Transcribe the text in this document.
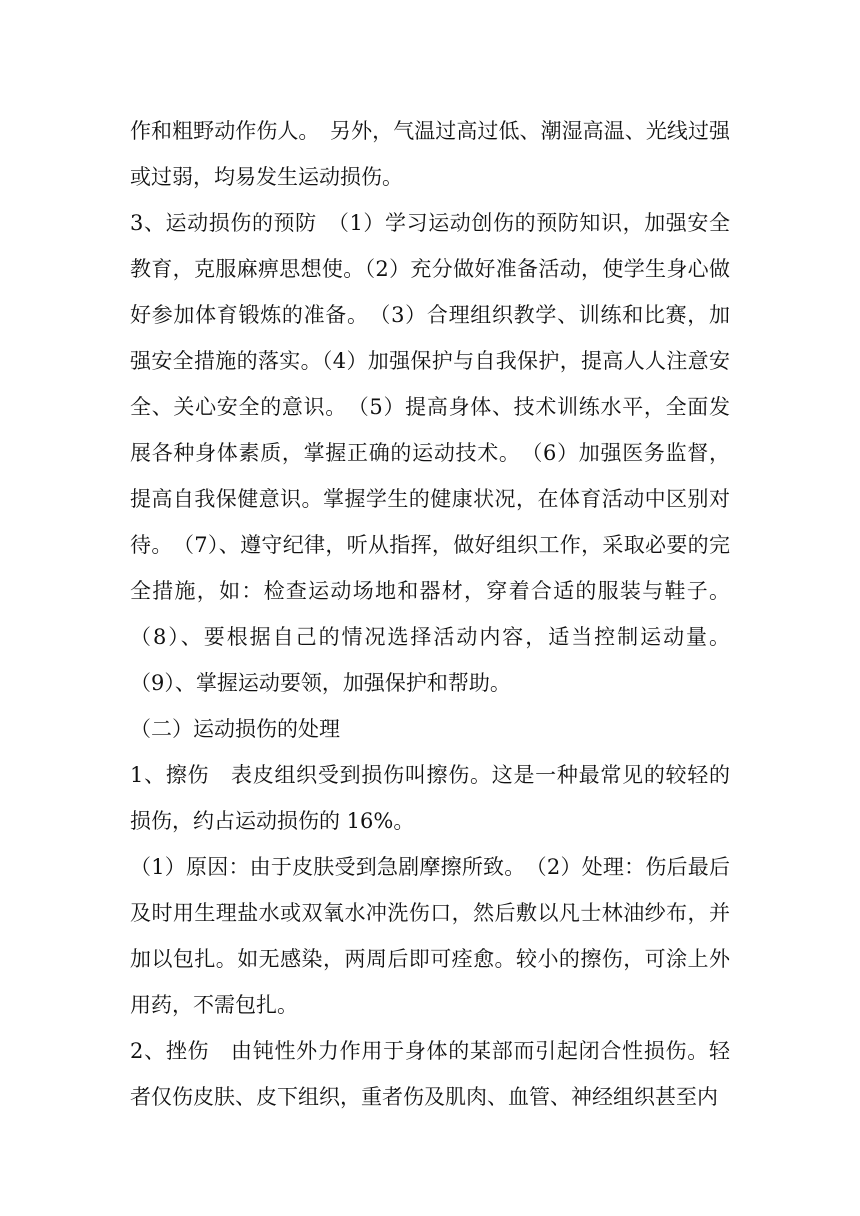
作和粗野动作伤人。　另外，气温过高过低、潮湿高温、光线过强或过弱，均易发生运动损伤。

3、运动损伤的预防　（1）学习运动创伤的预防知识，加强安全教育，克服麻痹思想使。（2）充分做好准备活动，使学生身心做好参加体育锻炼的准备。　（3）合理组织教学、训练和比赛，加强安全措施的落实。（4）加强保护与自我保护，提高人人注意安全、关心安全的意识。　（5）提高身体、技术训练水平，全面发展各种身体素质，掌握正确的运动技术。　（6）加强医务监督，提高自我保健意识。掌握学生的健康状况，在体育活动中区别对待。　（7）、遵守纪律，听从指挥，做好组织工作，采取必要的完全措施，如：检查运动场地和器材，穿着合适的服装与鞋子。（8）、要根据自己的情况选择活动内容，适当控制运动量。（9）、掌握运动要领，加强保护和帮助。

（二）运动损伤的处理

1、擦伤　表皮组织受到损伤叫擦伤。这是一种最常见的较轻的损伤，约占运动损伤的 16%。

（1）原因：由于皮肤受到急剧摩擦所致。　（2）处理：伤后最后及时用生理盐水或双氧水冲洗伤口，然后敷以凡士林油纱布，并加以包扎。如无感染，两周后即可痊愈。较小的擦伤，可涂上外用药，不需包扎。

2、挫伤　由钝性外力作用于身体的某部而引起闭合性损伤。轻者仅伤皮肤、皮下组织，重者伤及肌肉、血管、神经组织甚至内
